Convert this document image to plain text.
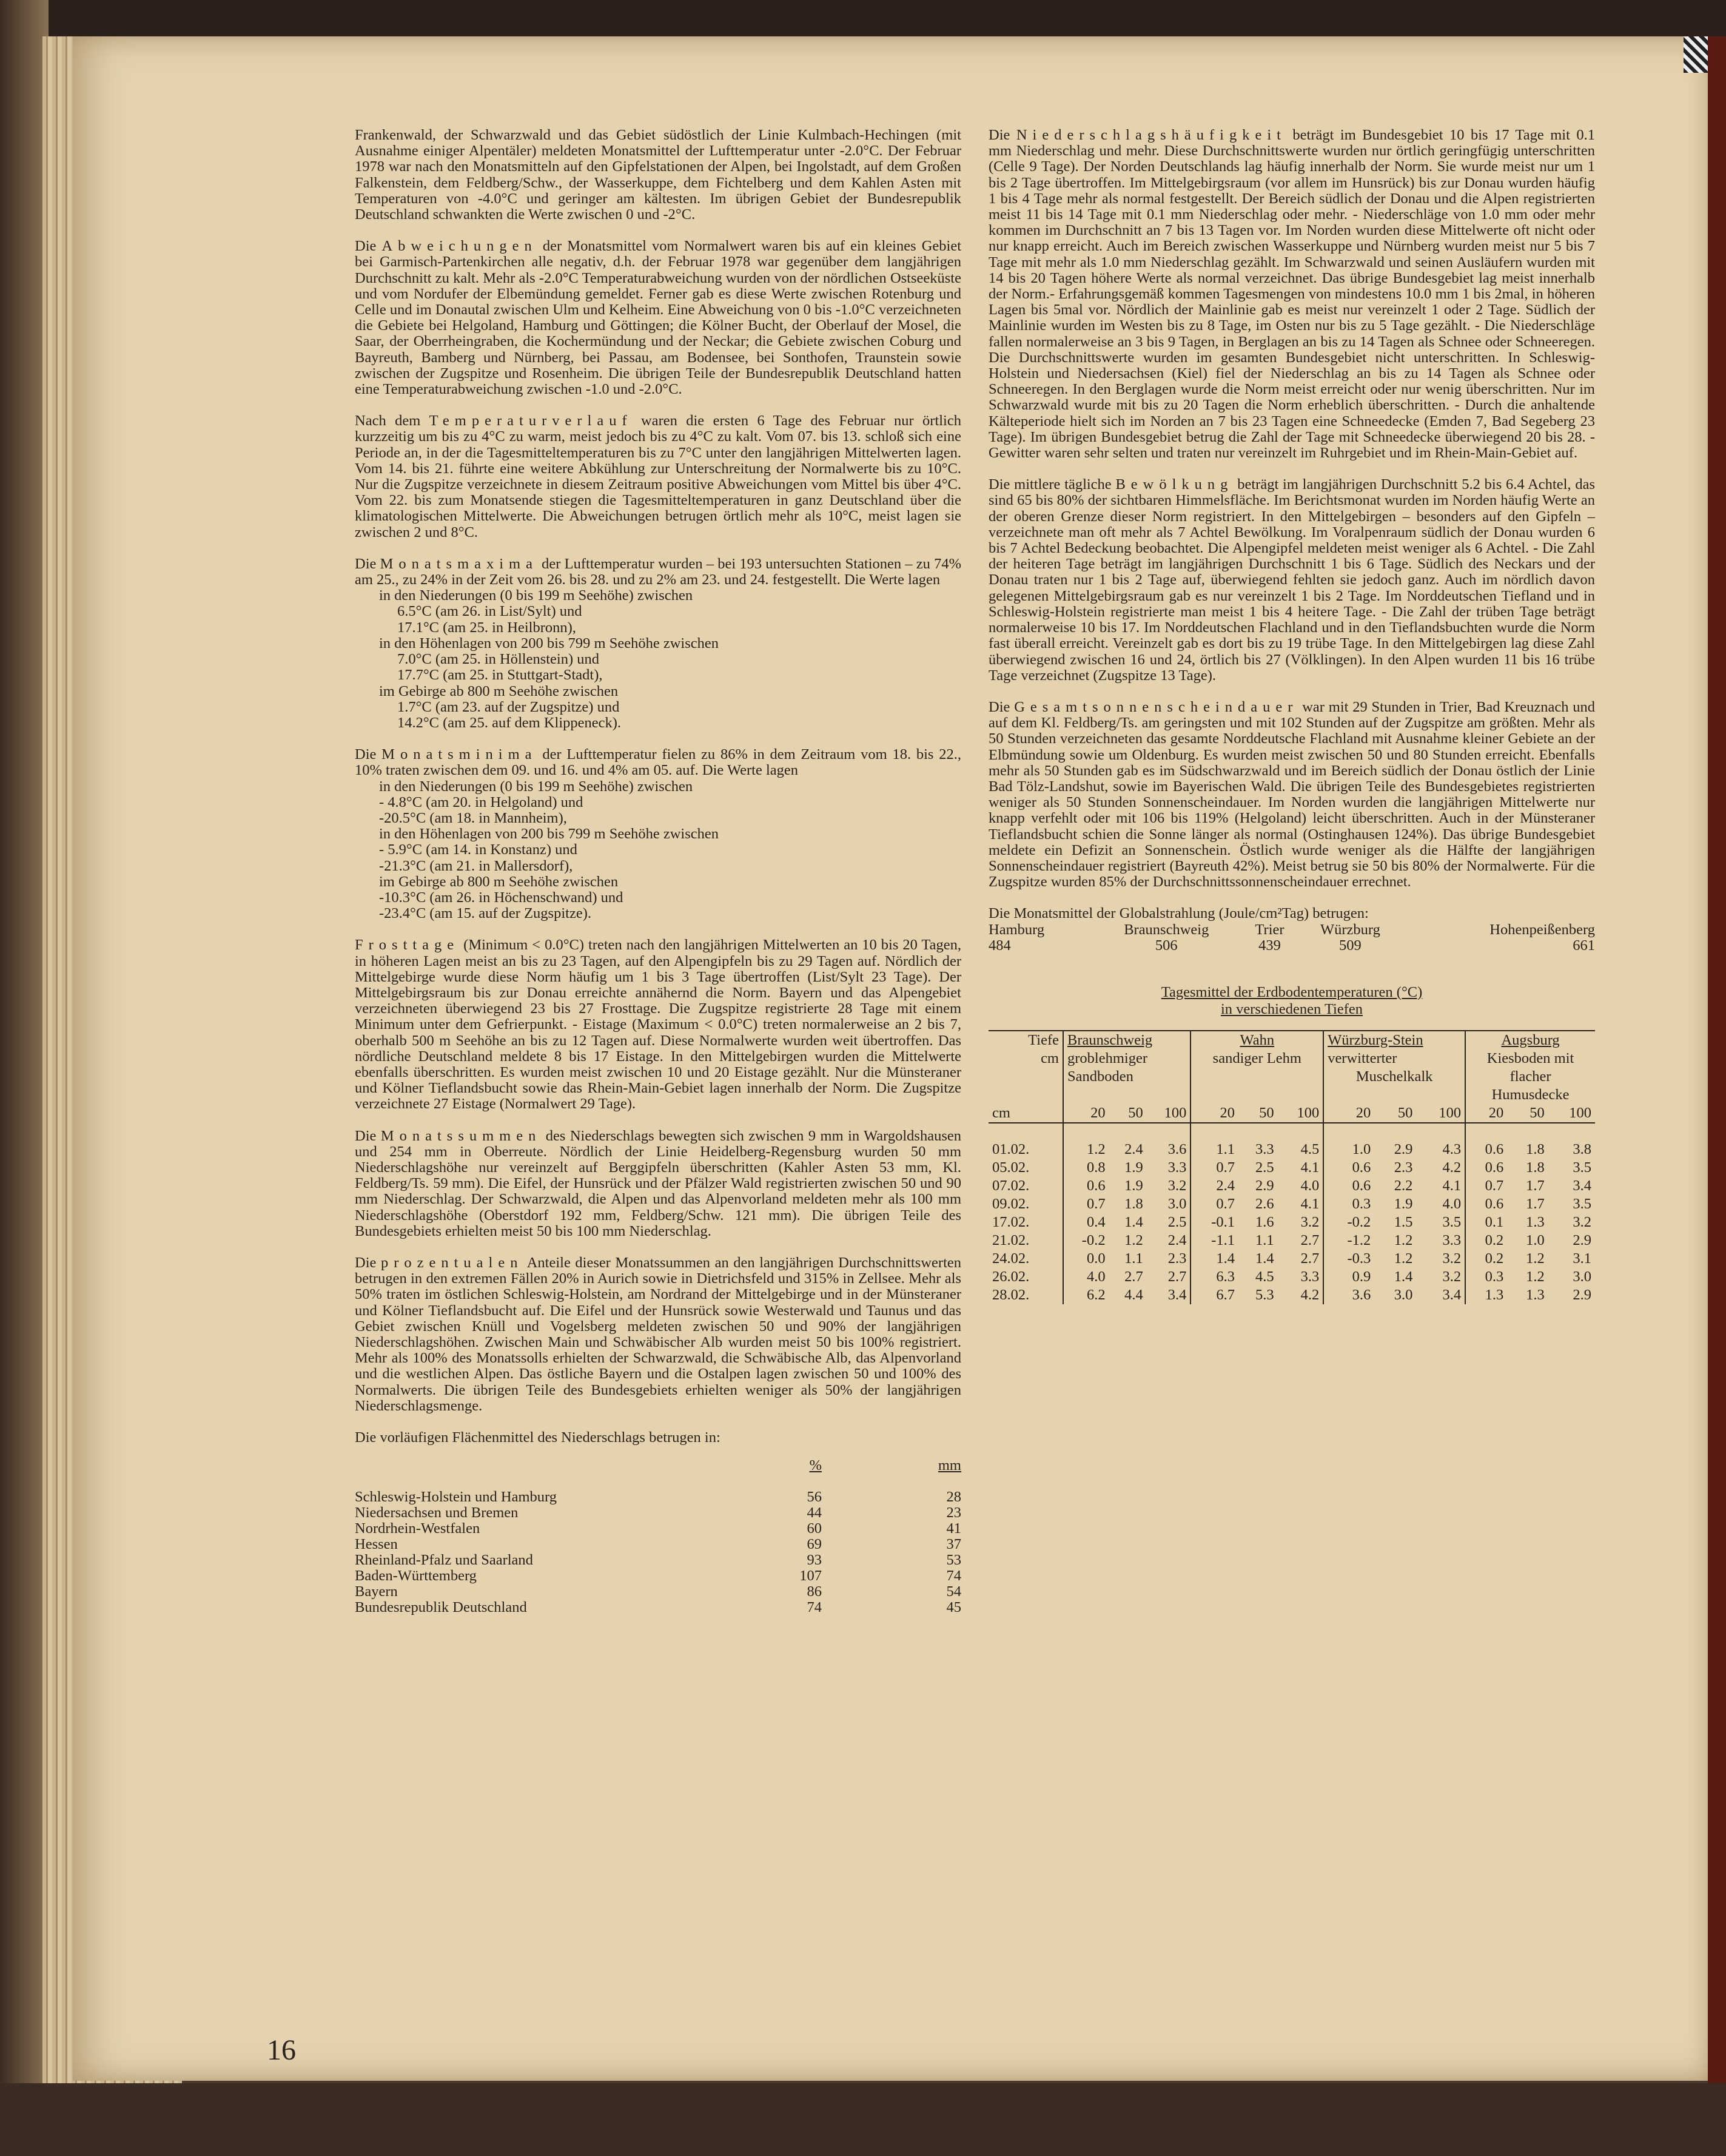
Frankenwald, der Schwarzwald und das Gebiet südöstlich der Linie Kulmbach-Hechingen (mit Ausnahme einiger Alpentäler) meldeten Monatsmittel der Lufttemperatur unter -2.0°C. Der Februar 1978 war nach den Monatsmitteln auf den Gipfelstationen der Alpen, bei Ingolstadt, auf dem Großen Falkenstein, dem Feldberg/Schw., der Wasserkuppe, dem Fichtelberg und dem Kahlen Asten mit Temperaturen von -4.0°C und geringer am kältesten. Im übrigen Gebiet der Bundesrepublik Deutschland schwankten die Werte zwischen 0 und -2°C.

Die Abweichungen der Monatsmittel vom Normalwert waren bis auf ein kleines Gebiet bei Garmisch-Partenkirchen alle negativ, d.h. der Februar 1978 war gegenüber dem langjährigen Durchschnitt zu kalt. Mehr als -2.0°C Temperaturabweichung wurden von der nördlichen Ostseeküste und vom Nordufer der Elbemündung gemeldet. Ferner gab es diese Werte zwischen Rotenburg und Celle und im Donautal zwischen Ulm und Kelheim. Eine Abweichung von 0 bis -1.0°C verzeichneten die Gebiete bei Helgoland, Hamburg und Göttingen; die Kölner Bucht, der Oberlauf der Mosel, die Saar, der Oberrheingraben, die Kochermündung und der Neckar; die Gebiete zwischen Coburg und Bayreuth, Bamberg und Nürnberg, bei Passau, am Bodensee, bei Sonthofen, Traunstein sowie zwischen der Zugspitze und Rosenheim. Die übrigen Teile der Bundesrepublik Deutschland hatten eine Temperaturabweichung zwischen -1.0 und -2.0°C.

Nach dem Temperaturverlauf waren die ersten 6 Tage des Februar nur örtlich kurzzeitig um bis zu 4°C zu warm, meist jedoch bis zu 4°C zu kalt. Vom 07. bis 13. schloß sich eine Periode an, in der die Tagesmitteltemperaturen bis zu 7°C unter den langjährigen Mittelwerten lagen. Vom 14. bis 21. führte eine weitere Abkühlung zur Unterschreitung der Normalwerte bis zu 10°C. Nur die Zugspitze verzeichnete in diesem Zeitraum positive Abweichungen vom Mittel bis über 4°C. Vom 22. bis zum Monatsende stiegen die Tagesmitteltemperaturen in ganz Deutschland über die klimatologischen Mittelwerte. Die Abweichungen betrugen örtlich mehr als 10°C, meist lagen sie zwischen 2 und 8°C.

Die Monatsmaxima der Lufttemperatur wurden – bei 193 untersuchten Stationen – zu 74% am 25., zu 24% in der Zeit vom 26. bis 28. und zu 2% am 23. und 24. festgestellt. Die Werte lagen
in den Niederungen (0 bis 199 m Seehöhe) zwischen
6.5°C (am 26. in List/Sylt) und
17.1°C (am 25. in Heilbronn),
in den Höhenlagen von 200 bis 799 m Seehöhe zwischen
7.0°C (am 25. in Höllenstein) und
17.7°C (am 25. in Stuttgart-Stadt),
im Gebirge ab 800 m Seehöhe zwischen
1.7°C (am 23. auf der Zugspitze) und
14.2°C (am 25. auf dem Klippeneck).
Die Monatsminima der Lufttemperatur fielen zu 86% in dem Zeitraum vom 18. bis 22., 10% traten zwischen dem 09. und 16. und 4% am 05. auf. Die Werte lagen
in den Niederungen (0 bis 199 m Seehöhe) zwischen
- 4.8°C (am 20. in Helgoland) und
-20.5°C (am 18. in Mannheim),
in den Höhenlagen von 200 bis 799 m Seehöhe zwischen
- 5.9°C (am 14. in Konstanz) und
-21.3°C (am 21. in Mallersdorf),
im Gebirge ab 800 m Seehöhe zwischen
-10.3°C (am 26. in Höchenschwand) und
-23.4°C (am 15. auf der Zugspitze).

Frosttage (Minimum < 0.0°C) treten nach den langjährigen Mittelwerten an 10 bis 20 Tagen, in höheren Lagen meist an bis zu 23 Tagen, auf den Alpengipfeln bis zu 29 Tagen auf. Nördlich der Mittelgebirge wurde diese Norm häufig um 1 bis 3 Tage übertroffen (List/Sylt 23 Tage). Der Mittelgebirgsraum bis zur Donau erreichte annähernd die Norm. Bayern und das Alpengebiet verzeichneten überwiegend 23 bis 27 Frosttage. Die Zugspitze registrierte 28 Tage mit einem Minimum unter dem Gefrierpunkt. - Eistage (Maximum < 0.0°C) treten normalerweise an 2 bis 7, oberhalb 500 m Seehöhe an bis zu 12 Tagen auf. Diese Normalwerte wurden weit übertroffen. Das nördliche Deutschland meldete 8 bis 17 Eistage. In den Mittelgebirgen wurden die Mittelwerte ebenfalls überschritten. Es wurden meist zwischen 10 und 20 Eistage gezählt. Nur die Münsteraner und Kölner Tieflandsbucht sowie das Rhein-Main-Gebiet lagen innerhalb der Norm. Die Zugspitze verzeichnete 27 Eistage (Normalwert 29 Tage).

Die Monatssummen des Niederschlags bewegten sich zwischen 9 mm in Wargoldshausen und 254 mm in Oberreute. Nördlich der Linie Heidelberg-Regensburg wurden 50 mm Niederschlagshöhe nur vereinzelt auf Berggipfeln überschritten (Kahler Asten 53 mm, Kl. Feldberg/Ts. 59 mm). Die Eifel, der Hunsrück und der Pfälzer Wald registrierten zwischen 50 und 90 mm Niederschlag. Der Schwarzwald, die Alpen und das Alpenvorland meldeten mehr als 100 mm Niederschlagshöhe (Oberstdorf 192 mm, Feldberg/Schw. 121 mm). Die übrigen Teile des Bundesgebiets erhielten meist 50 bis 100 mm Niederschlag.

Die prozentualen Anteile dieser Monatssummen an den langjährigen Durchschnittswerten betrugen in den extremen Fällen 20% in Aurich sowie in Dietrichsfeld und 315% in Zellsee. Mehr als 50% traten im östlichen Schleswig-Holstein, am Nordrand der Mittelgebirge und in der Münsteraner und Kölner Tieflandsbucht auf. Die Eifel und der Hunsrück sowie Westerwald und Taunus und das Gebiet zwischen Knüll und Vogelsberg meldeten zwischen 50 und 90% der langjährigen Niederschlagshöhen. Zwischen Main und Schwäbischer Alb wurden meist 50 bis 100% registriert. Mehr als 100% des Monatssolls erhielten der Schwarzwald, die Schwäbische Alb, das Alpenvorland und die westlichen Alpen. Das östliche Bayern und die Ostalpen lagen zwischen 50 und 100% des Normalwerts. Die übrigen Teile des Bundesgebiets erhielten weniger als 50% der langjährigen Niederschlagsmenge.

Die vorläufigen Flächenmittel des Niederschlags betrugen in:

	%	mm

Schleswig-Holstein und Hamburg	56	28
Niedersachsen und Bremen	44	23
Nordrhein-Westfalen	60	41
Hessen	69	37
Rheinland-Pfalz und Saarland	93	53
Baden-Württemberg	107	74
Bayern	86	54
Bundesrepublik Deutschland	74	45

Die Niederschlagshäufigkeit beträgt im Bundesgebiet 10 bis 17 Tage mit 0.1 mm Niederschlag und mehr. Diese Durchschnittswerte wurden nur örtlich geringfügig unterschritten (Celle 9 Tage). Der Norden Deutschlands lag häufig innerhalb der Norm. Sie wurde meist nur um 1 bis 2 Tage übertroffen. Im Mittelgebirgsraum (vor allem im Hunsrück) bis zur Donau wurden häufig 1 bis 4 Tage mehr als normal festgestellt. Der Bereich südlich der Donau und die Alpen registrierten meist 11 bis 14 Tage mit 0.1 mm Niederschlag oder mehr. - Niederschläge von 1.0 mm oder mehr kommen im Durchschnitt an 7 bis 13 Tagen vor. Im Norden wurden diese Mittelwerte oft nicht oder nur knapp erreicht. Auch im Bereich zwischen Wasserkuppe und Nürnberg wurden meist nur 5 bis 7 Tage mit mehr als 1.0 mm Niederschlag gezählt. Im Schwarzwald und seinen Ausläufern wurden mit 14 bis 20 Tagen höhere Werte als normal verzeichnet. Das übrige Bundesgebiet lag meist innerhalb der Norm.- Erfahrungsgemäß kommen Tagesmengen von mindestens 10.0 mm 1 bis 2mal, in höheren Lagen bis 5mal vor. Nördlich der Mainlinie gab es meist nur vereinzelt 1 oder 2 Tage. Südlich der Mainlinie wurden im Westen bis zu 8 Tage, im Osten nur bis zu 5 Tage gezählt. - Die Niederschläge fallen normalerweise an 3 bis 9 Tagen, in Berglagen an bis zu 14 Tagen als Schnee oder Schneeregen. Die Durchschnittswerte wurden im gesamten Bundesgebiet nicht unterschritten. In Schleswig-Holstein und Niedersachsen (Kiel) fiel der Niederschlag an bis zu 14 Tagen als Schnee oder Schneeregen. In den Berglagen wurde die Norm meist erreicht oder nur wenig überschritten. Nur im Schwarzwald wurde mit bis zu 20 Tagen die Norm erheblich überschritten. - Durch die anhaltende Kälteperiode hielt sich im Norden an 7 bis 23 Tagen eine Schneedecke (Emden 7, Bad Segeberg 23 Tage). Im übrigen Bundesgebiet betrug die Zahl der Tage mit Schneedecke überwiegend 20 bis 28. - Gewitter waren sehr selten und traten nur vereinzelt im Ruhrgebiet und im Rhein-Main-Gebiet auf.

Die mittlere tägliche Bewölkung beträgt im langjährigen Durchschnitt 5.2 bis 6.4 Achtel, das sind 65 bis 80% der sichtbaren Himmelsfläche. Im Berichtsmonat wurden im Norden häufig Werte an der oberen Grenze dieser Norm registriert. In den Mittelgebirgen – besonders auf den Gipfeln – verzeichnete man oft mehr als 7 Achtel Bewölkung. Im Voralpenraum südlich der Donau wurden 6 bis 7 Achtel Bedeckung beobachtet. Die Alpengipfel meldeten meist weniger als 6 Achtel. - Die Zahl der heiteren Tage beträgt im langjährigen Durchschnitt 1 bis 6 Tage. Südlich des Neckars und der Donau traten nur 1 bis 2 Tage auf, überwiegend fehlten sie jedoch ganz. Auch im nördlich davon gelegenen Mittelgebirgsraum gab es nur vereinzelt 1 bis 2 Tage. Im Norddeutschen Tiefland und in Schleswig-Holstein registrierte man meist 1 bis 4 heitere Tage. - Die Zahl der trüben Tage beträgt normalerweise 10 bis 17. Im Norddeutschen Flachland und in den Tieflandsbuchten wurde die Norm fast überall erreicht. Vereinzelt gab es dort bis zu 19 trübe Tage. In den Mittelgebirgen lag diese Zahl überwiegend zwischen 16 und 24, örtlich bis 27 (Völklingen). In den Alpen wurden 11 bis 16 trübe Tage verzeichnet (Zugspitze 13 Tage).

Die Gesamtsonnenscheindauer war mit 29 Stunden in Trier, Bad Kreuznach und auf dem Kl. Feldberg/Ts. am geringsten und mit 102 Stunden auf der Zugspitze am größten. Mehr als 50 Stunden verzeichneten das gesamte Norddeutsche Flachland mit Ausnahme kleiner Gebiete an der Elbmündung sowie um Oldenburg. Es wurden meist zwischen 50 und 80 Stunden erreicht. Ebenfalls mehr als 50 Stunden gab es im Südschwarzwald und im Bereich südlich der Donau östlich der Linie Bad Tölz-Landshut, sowie im Bayerischen Wald. Die übrigen Teile des Bundesgebietes registrierten weniger als 50 Stunden Sonnenscheindauer. Im Norden wurden die langjährigen Mittelwerte nur knapp verfehlt oder mit 106 bis 119% (Helgoland) leicht überschritten. Auch in der Münsteraner Tieflandsbucht schien die Sonne länger als normal (Ostinghausen 124%). Das übrige Bundesgebiet meldete ein Defizit an Sonnenschein. Östlich wurde weniger als die Hälfte der langjährigen Sonnenscheindauer registriert (Bayreuth 42%). Meist betrug sie 50 bis 80% der Normalwerte. Für die Zugspitze wurden 85% der Durchschnittssonnenscheindauer errechnet.

Die Monatsmittel der Globalstrahlung (Joule/cm²Tag) betrugen:
Hamburg	Braunschweig	Trier	Würzburg	Hohenpeißenberg
484	506	439	509	661
Tagesmittel der Erdbodentemperaturen (°C)
in verschiedenen Tiefen
Tiefe	Braunschweig			Wahn			Würzburg-Stein			Augsburg		
cm	groblehmiger			sandiger Lehm			verwitterter			Kiesboden mit		
	Sandboden						Muschelkalk			flacher		
										Humusdecke		
cm	20	50	100	20	50	100	20	50	100	20	50	100

01.02.	1.2	2.4	3.6	1.1	3.3	4.5	1.0	2.9	4.3	0.6	1.8	3.8
05.02.	0.8	1.9	3.3	0.7	2.5	4.1	0.6	2.3	4.2	0.6	1.8	3.5
07.02.	0.6	1.9	3.2	2.4	2.9	4.0	0.6	2.2	4.1	0.7	1.7	3.4
09.02.	0.7	1.8	3.0	0.7	2.6	4.1	0.3	1.9	4.0	0.6	1.7	3.5
17.02.	0.4	1.4	2.5	-0.1	1.6	3.2	-0.2	1.5	3.5	0.1	1.3	3.2
21.02.	-0.2	1.2	2.4	-1.1	1.1	2.7	-1.2	1.2	3.3	0.2	1.0	2.9
24.02.	0.0	1.1	2.3	1.4	1.4	2.7	-0.3	1.2	3.2	0.2	1.2	3.1
26.02.	4.0	2.7	2.7	6.3	4.5	3.3	0.9	1.4	3.2	0.3	1.2	3.0
28.02.	6.2	4.4	3.4	6.7	5.3	4.2	3.6	3.0	3.4	1.3	1.3	2.9
16
